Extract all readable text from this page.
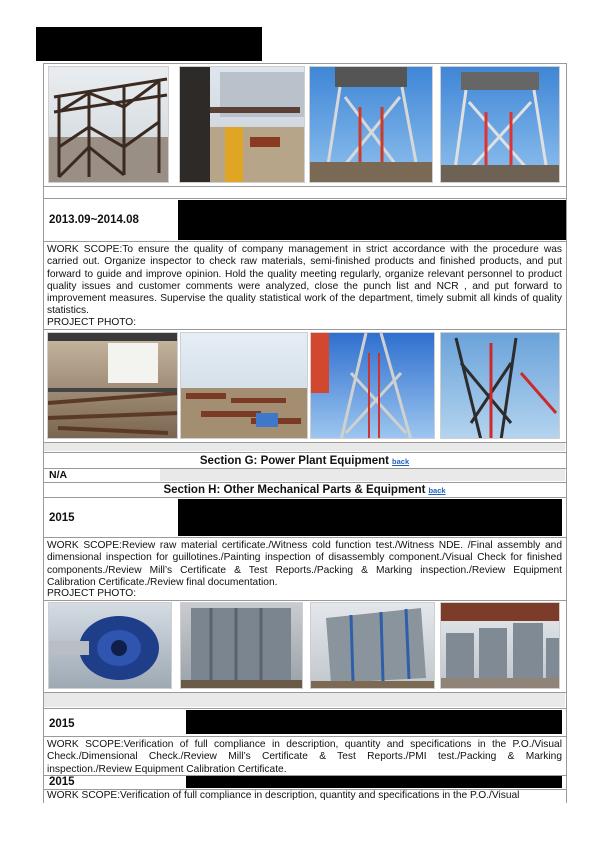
2013.09~2014.08
WORK SCOPE:To ensure the quality of company management in strict accordance with the procedure was carried out. Organize inspector to check raw materials, semi-finished products and finished products, and put forward to guide and improve opinion. Hold the quality meeting regularly, organize relevant personnel to product quality issues and customer comments were analyzed, close the punch list and NCR , and put forward to improvement measures. Supervise the quality statistical work of the department, timely submit all kinds of quality statistics.
PROJECT PHOTO:
Section G: Power Plant Equipment back
N/A
Section H: Other Mechanical Parts & Equipment back
2015
WORK SCOPE:Review raw material certificate./Witness cold function test./Witness NDE. /Final assembly and dimensional inspection for guillotines./Painting inspection of disassembly component./Visual Check for finished components./Review Mill’s Certificate & Test Reports./Packing & Marking inspection./Review Equipment Calibration Certificate./Review final documentation.
PROJECT PHOTO:
2015
WORK SCOPE:Verification of full compliance in description, quantity and specifications in the P.O./Visual Check./Dimensional Check./Review Mill’s Certificate & Test Reports./PMI test./Packing & Marking inspection./Review Equipment Calibration Certificate.
2015
WORK SCOPE:Verification of full compliance in description, quantity and specifications in the P.O./Visual
